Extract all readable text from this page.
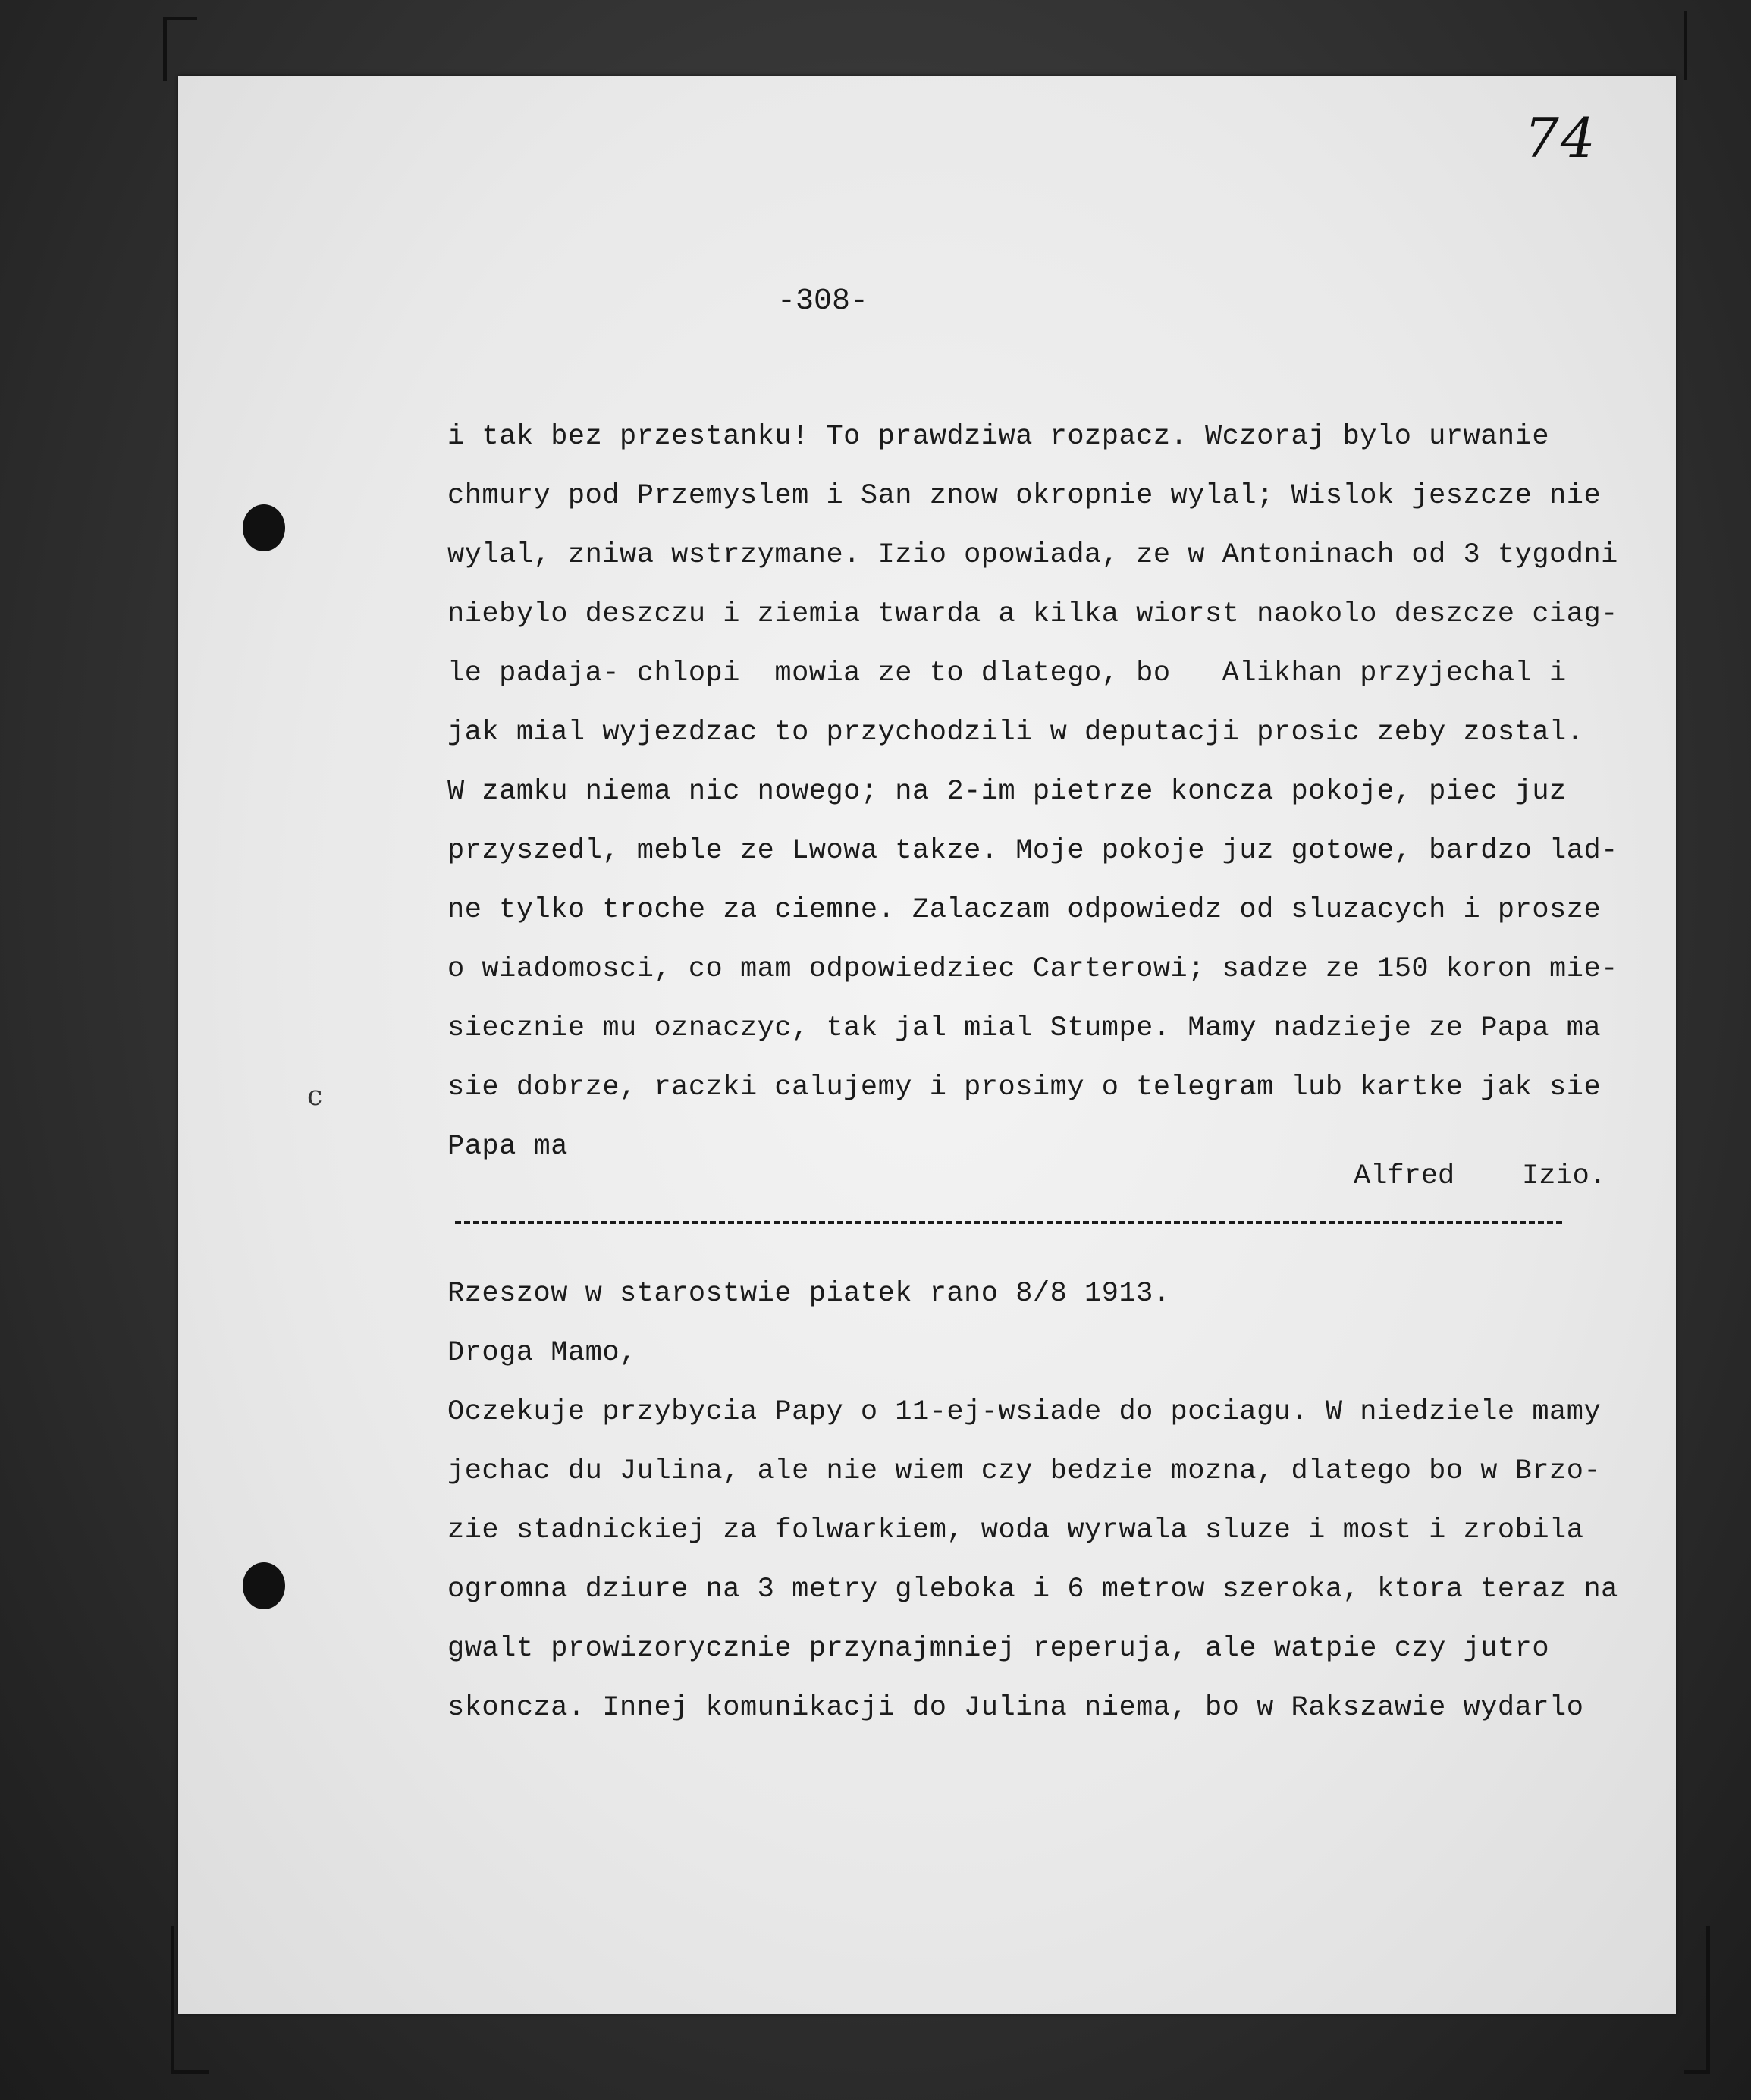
74
-308-
c
i tak bez przestanku! To prawdziwa rozpacz. Wczoraj bylo urwanie
chmury pod Przemyslem i San znow okropnie wylal; Wislok jeszcze nie
wylal, zniwa wstrzymane. Izio opowiada, ze w Antoninach od 3 tygodni
niebylo deszczu i ziemia twarda a kilka wiorst naokolo deszcze ciag-
le padaja- chlopi  mowia ze to dlatego, bo   Alikhan przyjechal i
jak mial wyjezdzac to przychodzili w deputacji prosic zeby zostal.
W zamku niema nic nowego; na 2-im pietrze koncza pokoje, piec juz
przyszedl, meble ze Lwowa takze. Moje pokoje juz gotowe, bardzo lad-
ne tylko troche za ciemne. Zalaczam odpowiedz od sluzacych i prosze
o wiadomosci, co mam odpowiedziec Carterowi; sadze ze 150 koron mie-
siecznie mu oznaczyc, tak jal mial Stumpe. Mamy nadzieje ze Papa ma
sie dobrze, raczki calujemy i prosimy o telegram lub kartke jak sie
Papa ma
Alfred    Izio.
Rzeszow w starostwie piatek rano 8/8 1913.
Droga Mamo,
Oczekuje przybycia Papy o 11-ej-wsiade do pociagu. W niedziele mamy
jechac du Julina, ale nie wiem czy bedzie mozna, dlatego bo w Brzo-
zie stadnickiej za folwarkiem, woda wyrwala sluze i most i zrobila
ogromna dziure na 3 metry gleboka i 6 metrow szeroka, ktora teraz na
gwalt prowizorycznie przynajmniej reperuja, ale watpie czy jutro
skoncza. Innej komunikacji do Julina niema, bo w Rakszawie wydarlo
